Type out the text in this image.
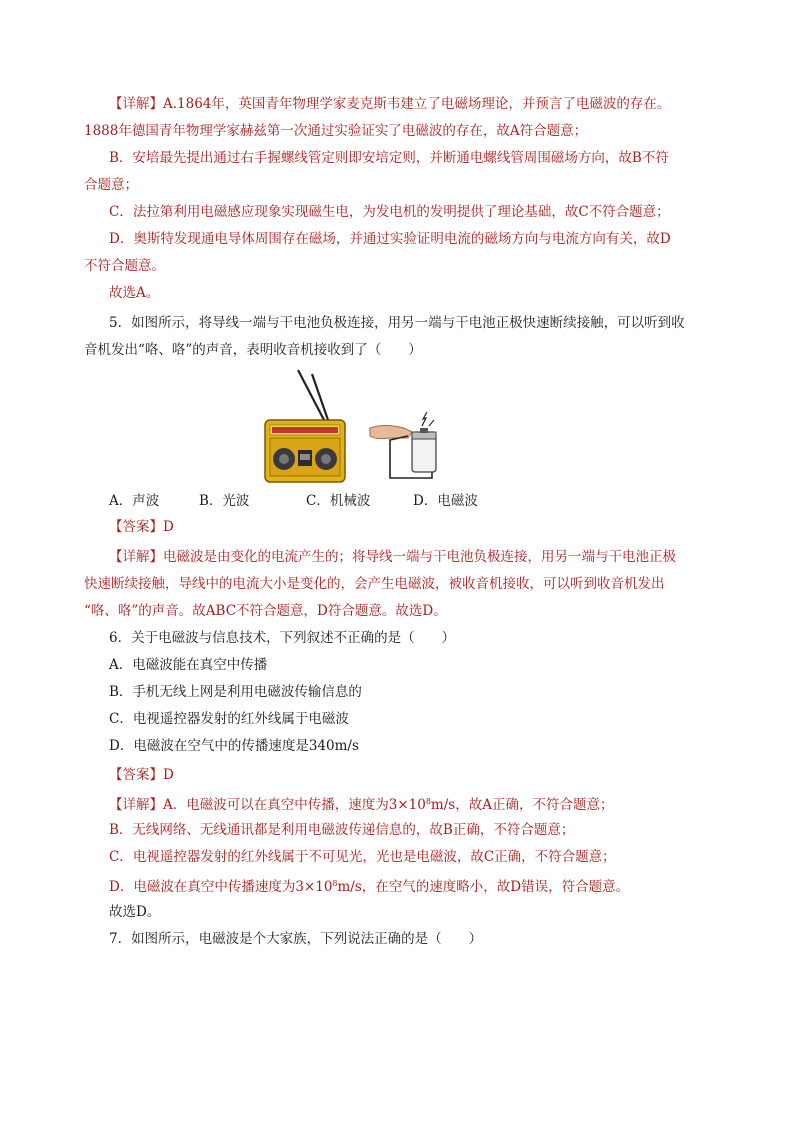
【详解】A.1864年，英国青年物理学家麦克斯韦建立了电磁场理论，并预言了电磁波的存在。
1888年德国青年物理学家赫兹第一次通过实验证实了电磁波的存在，故A符合题意；
B．安培最先提出通过右手握螺线管定则即安培定则，并断通电螺线管周围磁场方向，故B不符
合题意；
C．法拉第利用电磁感应现象实现磁生电，为发电机的发明提供了理论基础，故C不符合题意；
D．奥斯特发现通电导体周围存在磁场，并通过实验证明电流的磁场方向与电流方向有关，故D
不符合题意。
故选A。
5．如图所示，将导线一端与干电池负极连接，用另一端与干电池正极快速断续接触，可以听到收
音机发出“咯、咯”的声音，表明收音机接收到了（　　）
A．声波	B．光波	C．机械波	D．电磁波
【答案】D
【详解】电磁波是由变化的电流产生的；将导线一端与干电池负极连接，用另一端与干电池正极
快速断续接触，导线中的电流大小是变化的，会产生电磁波，被收音机接收，可以听到收音机发出
“咯、咯”的声音。故ABC不符合题意，D符合题意。故选D。
6．关于电磁波与信息技术，下列叙述不正确的是（　　）
A．电磁波能在真空中传播
B．手机无线上网是利用电磁波传输信息的
C．电视遥控器发射的红外线属于电磁波
D．电磁波在空气中的传播速度是340m/s
【答案】D
【详解】A．电磁波可以在真空中传播，速度为$3\times 10^8m/s$，故A正确，不符合题意；
B．无线网络、无线通讯都是利用电磁波传递信息的，故B正确，不符合题意；
C．电视遥控器发射的红外线属于不可见光，光也是电磁波，故C正确，不符合题意；
D．电磁波在真空中传播速度为$3\times 10^8m/s$，在空气的速度略小，故D错误，符合题意。
故选D。
7．如图所示，电磁波是个大家族，下列说法正确的是（　　）
